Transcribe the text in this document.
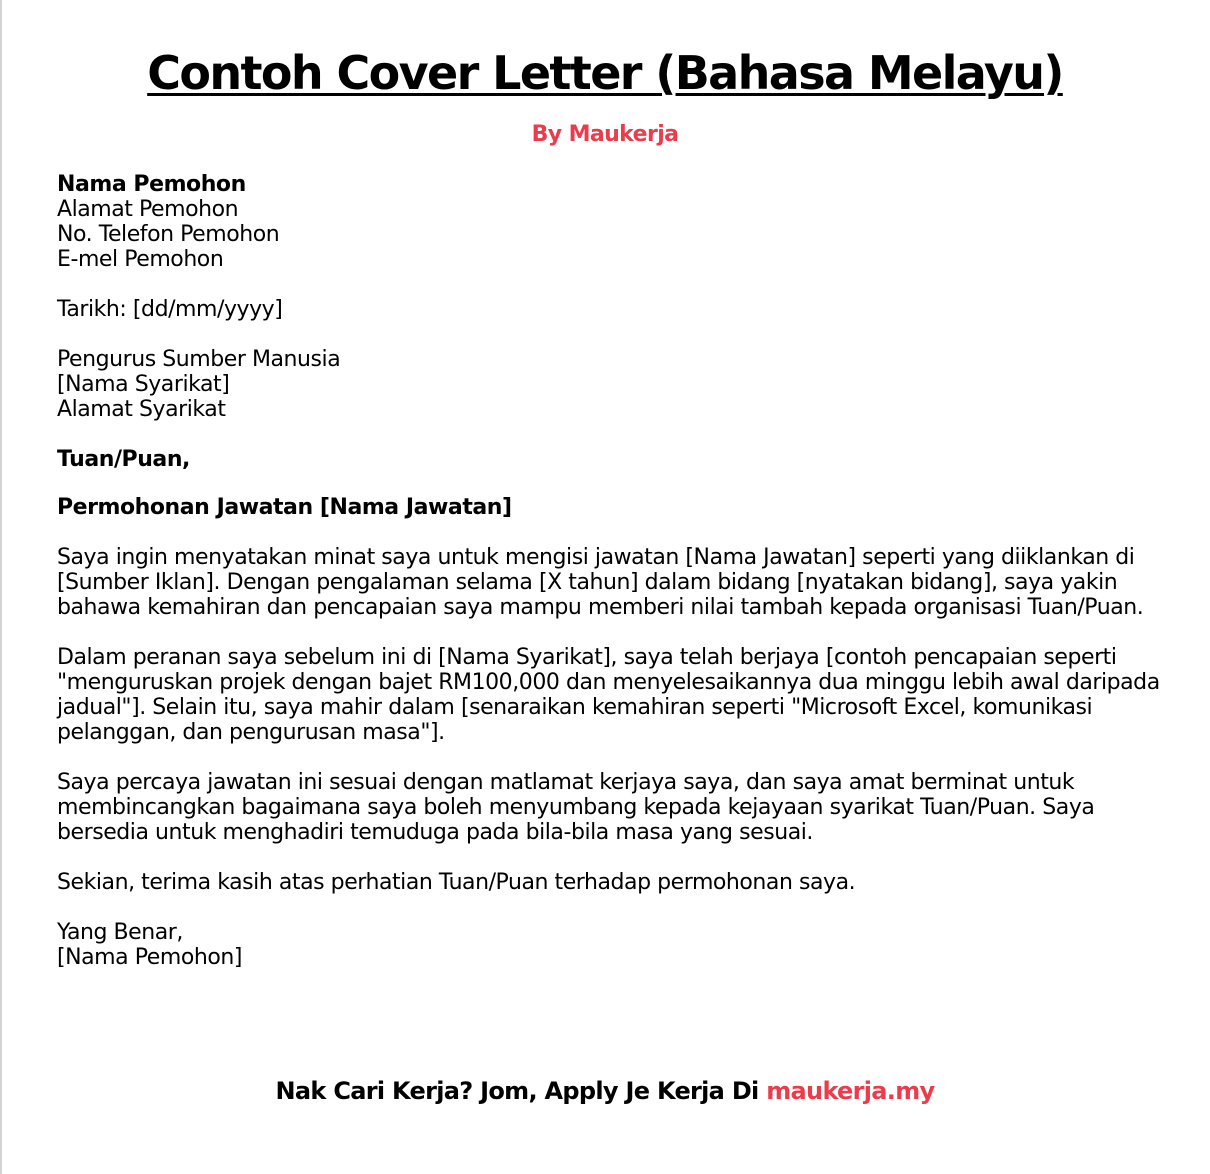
Contoh Cover Letter (Bahasa Melayu)
By Maukerja
Nama Pemohon
Alamat Pemohon
No. Telefon Pemohon
E-mel Pemohon
Tarikh: [dd/mm/yyyy]
Pengurus Sumber Manusia
[Nama Syarikat]
Alamat Syarikat
Tuan/Puan,
Permohonan Jawatan [Nama Jawatan]

Saya ingin menyatakan minat saya untuk mengisi jawatan [Nama Jawatan] seperti yang diiklankan di [Sumber Iklan]. Dengan pengalaman selama [X tahun] dalam bidang [nyatakan bidang], saya yakin bahawa kemahiran dan pencapaian saya mampu memberi nilai tambah kepada organisasi Tuan/Puan.

Dalam peranan saya sebelum ini di [Nama Syarikat], saya telah berjaya [contoh pencapaian seperti "menguruskan projek dengan bajet RM100,000 dan menyelesaikannya dua minggu lebih awal daripada jadual"]. Selain itu, saya mahir dalam [senaraikan kemahiran seperti "Microsoft Excel, komunikasi pelanggan, dan pengurusan masa"].

Saya percaya jawatan ini sesuai dengan matlamat kerjaya saya, dan saya amat berminat untuk membincangkan bagaimana saya boleh menyumbang kepada kejayaan syarikat Tuan/Puan. Saya bersedia untuk menghadiri temuduga pada bila-bila masa yang sesuai.

Sekian, terima kasih atas perhatian Tuan/Puan terhadap permohonan saya.

Yang Benar,
[Nama Pemohon]
Nak Cari Kerja? Jom, Apply Je Kerja Di maukerja.my
